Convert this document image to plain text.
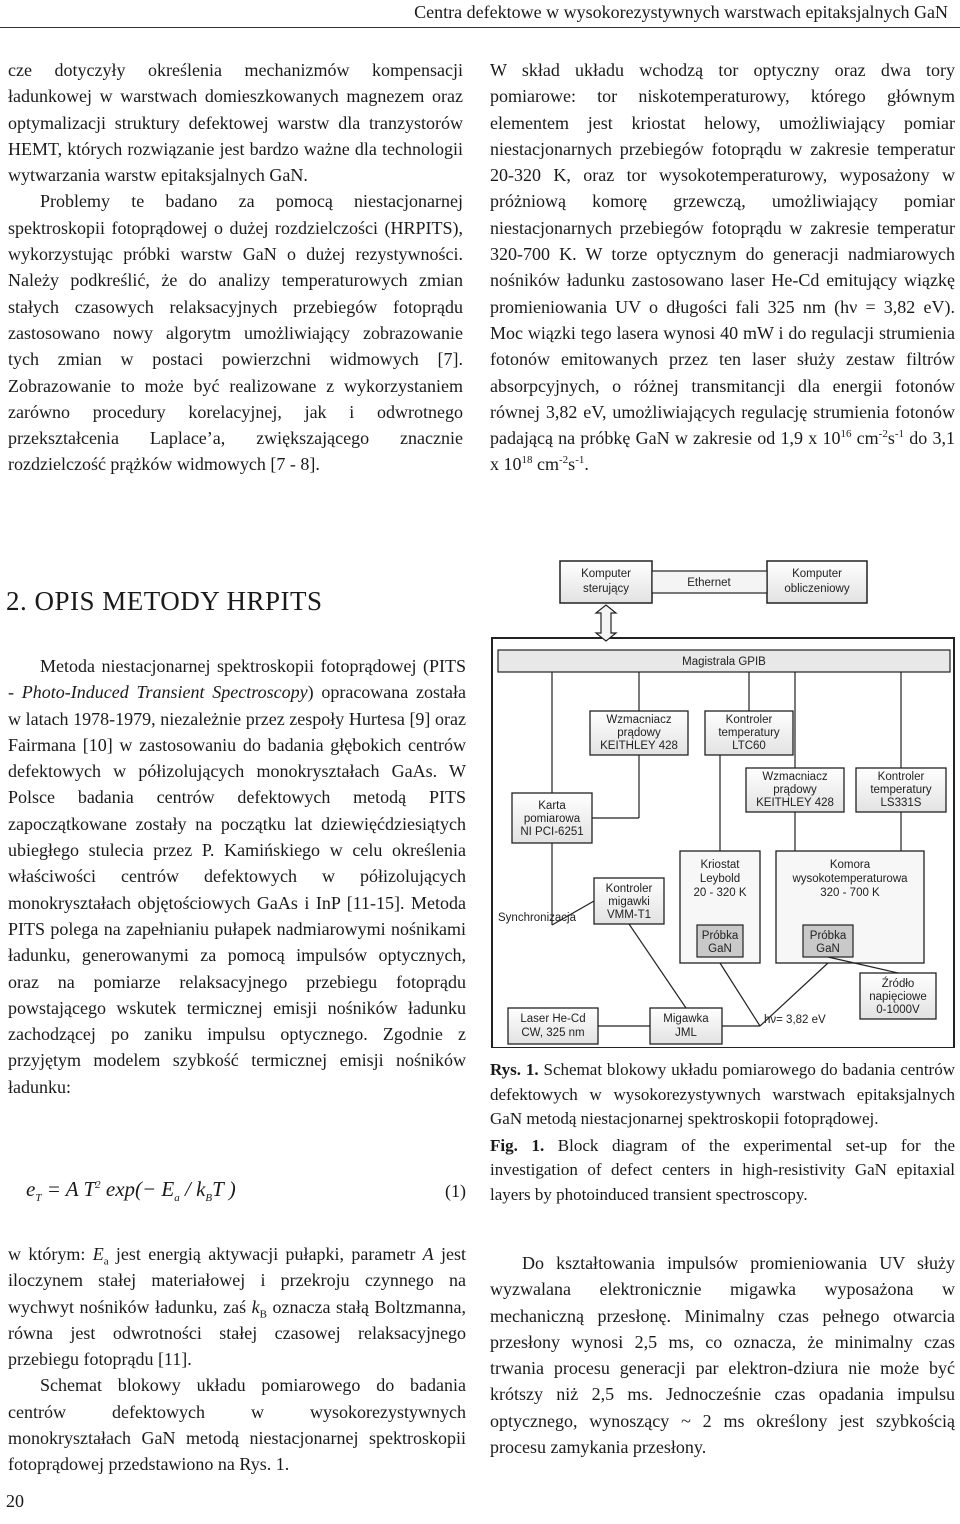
Centra defektowe w wysokorezystywnych warstwach epitaksjalnych GaN

cze dotyczyły określenia mechanizmów kompensacji ładunkowej w warstwach domieszkowanych magnezem oraz optymalizacji struktury defektowej warstw dla tranzystorów HEMT, których rozwiązanie jest bardzo ważne dla technologii wytwarzania warstw epitaksjalnych GaN.

Problemy te badano za pomocą niestacjonarnej spektroskopii fotoprądowej o dużej rozdzielczości (HRPITS), wykorzystując próbki warstw GaN o dużej rezystywności. Należy podkreślić, że do analizy temperaturowych zmian stałych czasowych relaksacyjnych przebiegów fotoprądu zastosowano nowy algorytm umożliwiający zobrazowanie tych zmian w postaci powierzchni widmowych [7]. Zobrazowanie to może być realizowane z wykorzystaniem zarówno procedury korelacyjnej, jak i odwrotnego przekształcenia Laplace’a, zwiększającego znacznie rozdzielczość prążków widmowych [7 - 8].

W skład układu wchodzą tor optyczny oraz dwa tory pomiarowe: tor niskotemperaturowy, którego głównym elementem jest kriostat helowy, umożliwiający pomiar niestacjonarnych przebiegów fotoprądu w zakresie temperatur 20-320 K, oraz tor wysokotemperaturowy, wyposażony w próżniową komorę grzewczą, umożliwiający pomiar niestacjonarnych przebiegów fotoprądu w zakresie temperatur 320-700 K. W torze optycznym do generacji nadmiarowych nośników ładunku zastosowano laser He-Cd emitujący wiązkę promieniowania UV o długości fali 325 nm (hν = 3,82 eV). Moc wiązki tego lasera wynosi 40 mW i do regulacji strumienia fotonów emitowanych przez ten laser służy zestaw filtrów absorpcyjnych, o różnej transmitancji dla energii fotonów równej 3,82 eV, umożliwiających regulację strumienia fotonów padającą na próbkę GaN w zakresie od 1,9 x $10^{16}$ $cm^{-2}s^{-1}$ do 3,1 x $10^{18}$ $cm^{-2}s^{-1}$.

2. OPIS METODY HRPITS

Metoda niestacjonarnej spektroskopii fotoprądowej (PITS - Photo-Induced Transient Spectroscopy) opracowana została w latach 1978-1979, niezależnie przez zespoły Hurtesa [9] oraz Fairmana [10] w zastosowaniu do badania głębokich centrów defektowych w półizolujących monokryształach GaAs. W Polsce badania centrów defektowych metodą PITS zapoczątkowane zostały na początku lat dziewięćdziesiątych ubiegłego stulecia przez P. Kamińskiego w celu określenia właściwości centrów defektowych w półizolujących monokryształach objętościowych GaAs i InP [11-15]. Metoda PITS polega na zapełnianiu pułapek nadmiarowymi nośnikami ładunku, generowanymi za pomocą impulsów optycznych, oraz na pomiarze relaksacyjnego przebiegu fotoprądu powstającego wskutek termicznej emisji nośników ładunku zachodzącej po zaniku impulsu optycznego. Zgodnie z przyjętym modelem szybkość termicznej emisji nośników ładunku:

$e_T = A$ $T^2$ $\exp(- E_a / k_BT$ )	(1)

w którym: $E_a$ jest energią aktywacji pułapki, parametr A jest iloczynem stałej materiałowej i przekroju czynnego na wychwyt nośników ładunku, zaś $k_B$ oznacza stałą Boltzmanna, równa jest odwrotności stałej czasowej relaksacyjnego przebiegu fotoprądu [11].

Schemat blokowy układu pomiarowego do badania centrów defektowych w wysokorezystywnych monokryształach GaN metodą niestacjonarnej spektroskopii fotoprądowej przedstawiono na Rys. 1.

Komputer
sterujący
Komputer
obliczeniowy
Ethernet
Magistrala GPIB
Wzmacniacz
prądowy
KEITHLEY 428
Kontroler
temperatury
LTC60
Wzmacniacz
prądowy
KEITHLEY 428
Kontroler
temperatury
LS331S
Karta
pomiarowa
NI PCI-6251
Kriostat
Leybold
20 - 320 K
Komora
wysokotemperaturowa
320 - 700 K
Próbka
GaN
Próbka
GaN
Kontroler
migawki
VMM-T1
Synchronizacja
Źródło
napięciowe
0-1000V
Laser He-Cd
CW, 325 nm
Migawka
JML
hν= 3,82 eV

Rys. 1. Schemat blokowy układu pomiarowego do badania centrów defektowych w wysokorezystywnych warstwach epitaksjalnych GaN metodą niestacjonarnej spektroskopii fotoprądowej.

Fig. 1. Block diagram of the experimental set-up for the investigation of defect centers in high-resistivity GaN epitaxial layers by photoinduced transient spectroscopy.

Do kształtowania impulsów promieniowania UV służy wyzwalana elektronicznie migawka wyposażona w mechaniczną przesłonę. Minimalny czas pełnego otwarcia przesłony wynosi 2,5 ms, co oznacza, że minimalny czas trwania procesu generacji par elektron-dziura nie może być krótszy niż 2,5 ms. Jednocześnie czas opadania impulsu optycznego, wynoszący ~ 2 ms określony jest szybkością procesu zamykania przesłony.

20
